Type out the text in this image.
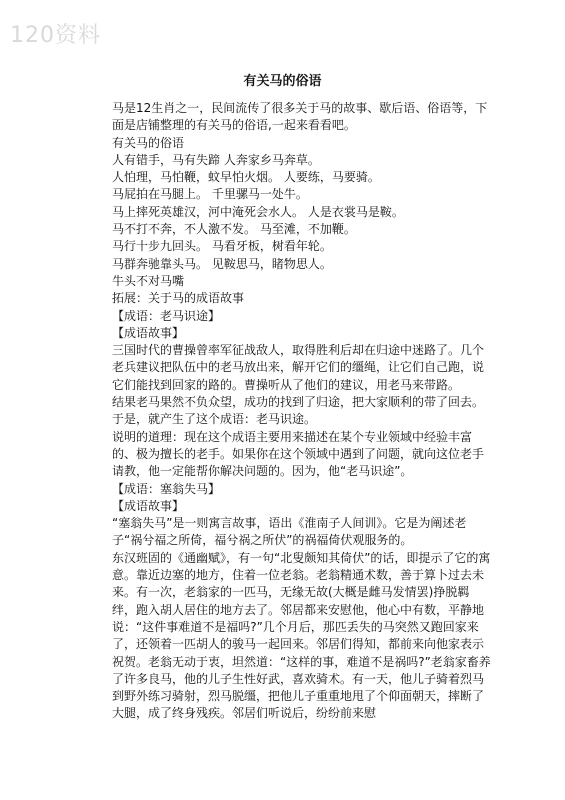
120资料
有关马的俗语

马是12生肖之一，民间流传了很多关于马的故事、歇后语、俗语等，下面是店铺整理的有关马的俗语,一起来看看吧。

有关马的俗语

人有错手，马有失蹄 人奔家乡马奔草。

人怕理，马怕鞭，蚊早怕火烟。 人要练，马要骑。

马屁拍在马腿上。 千里骡马一处牛。

马上摔死英雄汉，河中淹死会水人。 人是衣裳马是鞍。

马不打不奔，不人激不发。 马至滩，不加鞭。

马行十步九回头。 马看牙板，树看年轮。

马群奔驰靠头马。 见鞍思马，睹物思人。

牛头不对马嘴

拓展：关于马的成语故事

【成语：老马识途】

【成语故事】

三国时代的曹操曾率军征战敌人，取得胜利后却在归途中迷路了。几个老兵建议把队伍中的老马放出来，解开它们的缰绳，让它们自己跑，说它们能找到回家的路的。曹操听从了他们的建议，用老马来带路。

结果老马果然不负众望，成功的找到了归途，把大家顺利的带了回去。于是，就产生了这个成语：老马识途。

说明的道理：现在这个成语主要用来描述在某个专业领域中经验丰富的、极为擅长的老手。如果你在这个领域中遇到了问题，就向这位老手请教，他一定能帮你解决问题的。因为，他“老马识途”。

【成语：塞翁失马】

【成语故事】

“塞翁失马”是一则寓言故事，语出《淮南子人间训》。它是为阐述老子“祸兮福之所倚，福兮祸之所伏”的祸福倚伏观服务的。

东汉班固的《通幽赋》，有一句“北叟颇知其倚伏”的话，即提示了它的寓意。靠近边塞的地方，住着一位老翁。老翁精通术数，善于算卜过去未来。有一次，老翁家的一匹马，无缘无故(大概是雌马发情罢)挣脱羁绊，跑入胡人居住的地方去了。邻居都来安慰他，他心中有数，平静地说：“这件事难道不是福吗?”几个月后，那匹丢失的马突然又跑回家来了，还领着一匹胡人的骏马一起回来。邻居们得知，都前来向他家表示祝贺。老翁无动于衷，坦然道：“这样的事，难道不是祸吗?”老翁家畜养了许多良马，他的儿子生性好武，喜欢骑术。有一天，他儿子骑着烈马到野外练习骑射，烈马脱缰，把他儿子重重地甩了个仰面朝天，摔断了大腿，成了终身残疾。邻居们听说后，纷纷前来慰
